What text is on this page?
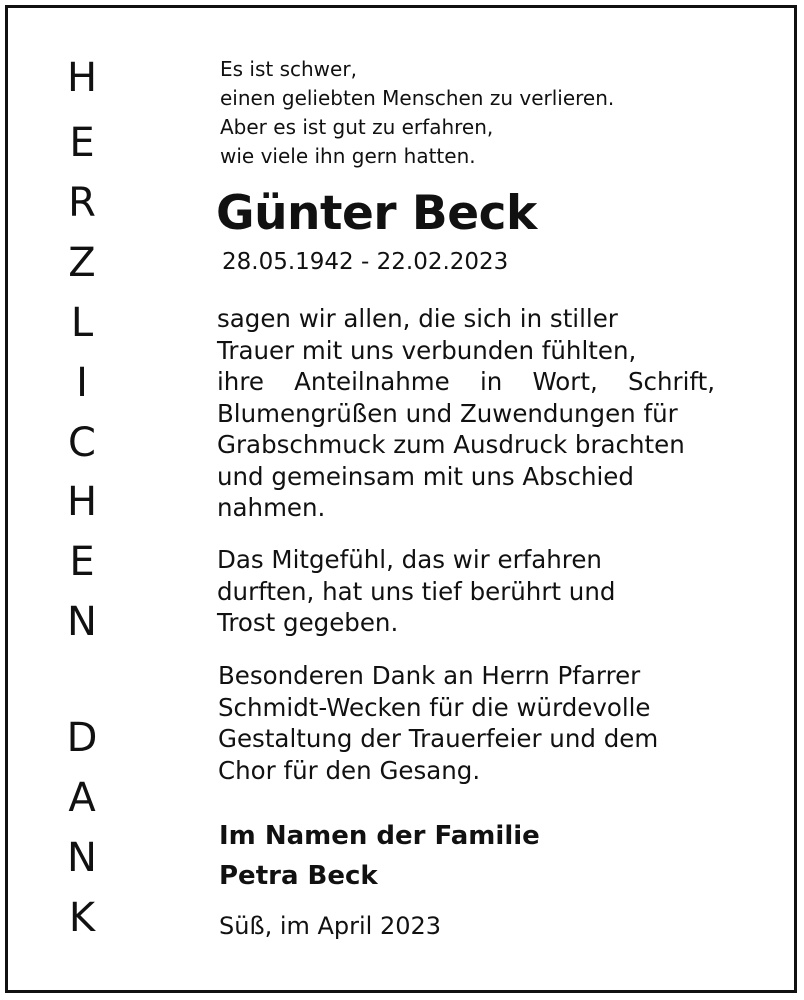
H
E
R
Z
L
I
C
H
E
N
D
A
N
K

Es ist schwer,
einen geliebten Menschen zu verlieren.
Aber es ist gut zu erfahren,
wie viele ihn gern hatten.

Günter Beck

28.05.1942 - 22.02.2023

sagen wir allen, die sich in stiller
Trauer mit uns verbunden fühlten,
ihre Anteilnahme in Wort, Schrift,
Blumengrüßen und Zuwendungen für
Grabschmuck zum Ausdruck brachten
und gemeinsam mit uns Abschied
nahmen.

Das Mitgefühl, das wir erfahren
durften, hat uns tief berührt und
Trost gegeben.

Besonderen Dank an Herrn Pfarrer
Schmidt-Wecken für die würdevolle
Gestaltung der Trauerfeier und dem
Chor für den Gesang.

Im Namen der Familie
Petra Beck

Süß, im April 2023
